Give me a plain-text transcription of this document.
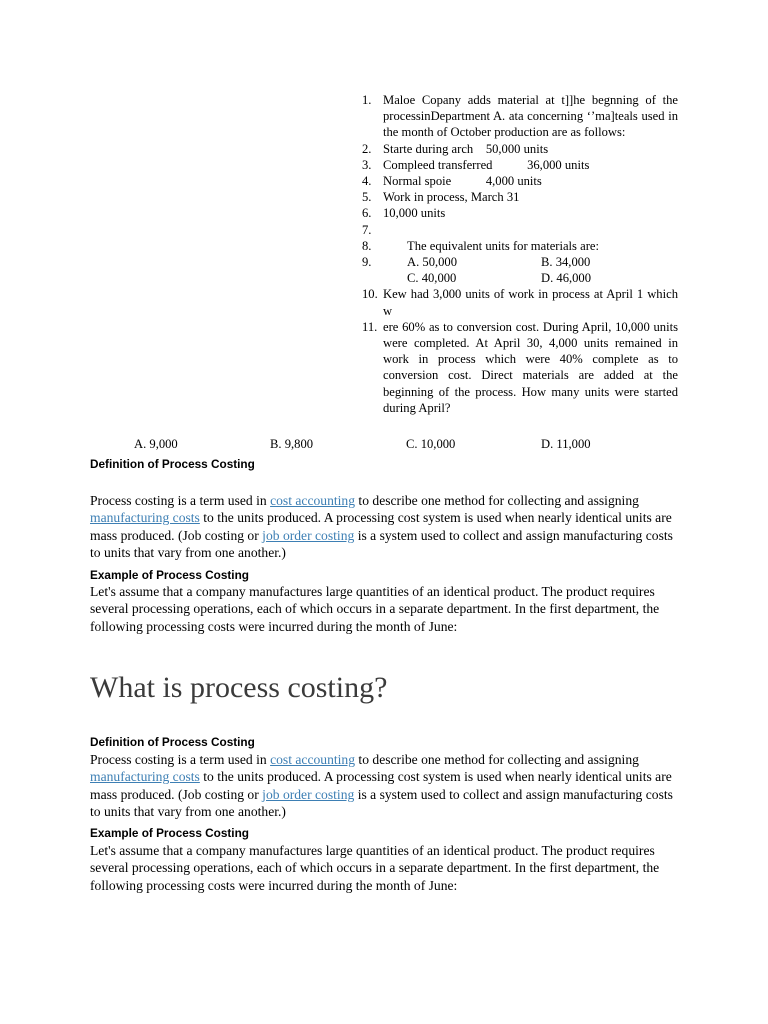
1. Maloe Copany adds material at t]]he begnning of the processinDepartment A. ata concerning ‘’ma]teals used in the month of October production are as follows:
2. Starte during arch    50,000 units
3. Compleed transferred           36,000 units
4. Normal spoie           4,000 units
5. Work in process, March 31
6. 10,000 units
7.

8.	The equivalent units for materials are:
9.	A. 50,000	B. 34,000
C. 40,000	D. 46,000
10. Kew had 3,000 units of work in process at April 1 which w
11. ere 60% as to conversion cost. During April, 10,000 units were completed. At April 30, 4,000 units remained in work in process which were 40% complete as to conversion cost. Direct materials are added at the beginning of the process. How many units were started during April?
A. 9,000	B. 9,800	C. 10,000	D. 11,000
Definition of Process Costing
Process costing is a term used in cost accounting to describe one method for collecting and assigning manufacturing costs to the units produced. A processing cost system is used when nearly identical units are mass produced. (Job costing or job order costing is a system used to collect and assign manufacturing costs to units that vary from one another.)
Example of Process Costing
Let's assume that a company manufactures large quantities of an identical product. The product requires several processing operations, each of which occurs in a separate department. In the first department, the following processing costs were incurred during the month of June:
What is process costing?
Definition of Process Costing
Process costing is a term used in cost accounting to describe one method for collecting and assigning manufacturing costs to the units produced. A processing cost system is used when nearly identical units are mass produced. (Job costing or job order costing is a system used to collect and assign manufacturing costs to units that vary from one another.)
Example of Process Costing
Let's assume that a company manufactures large quantities of an identical product. The product requires several processing operations, each of which occurs in a separate department. In the first department, the following processing costs were incurred during the month of June:
